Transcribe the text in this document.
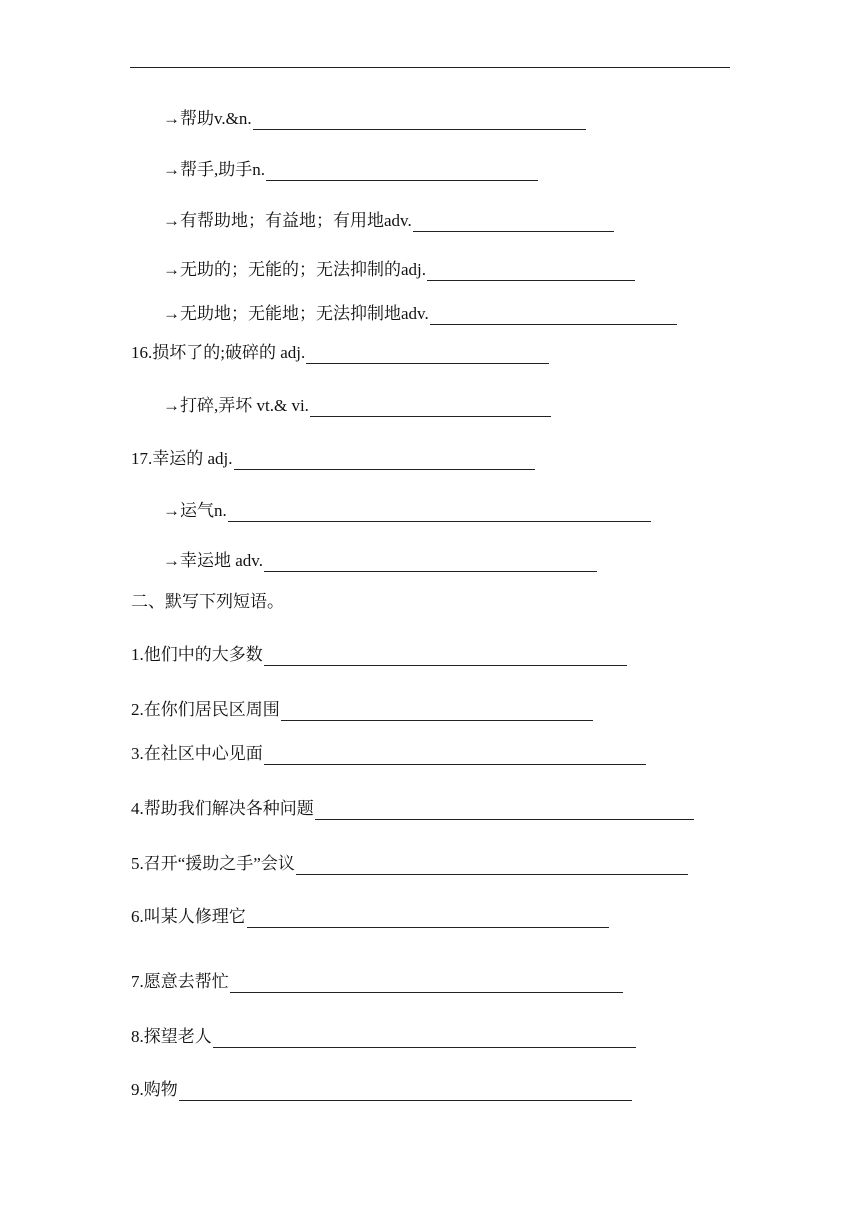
→帮助v.&n.
→帮手,助手n.
→有帮助地；有益地；有用地adv.
→无助的；无能的；无法抑制的adj.
→无助地；无能地；无法抑制地adv.
16.损坏了的;破碎的 adj.
→打碎,弄坏 vt.& vi.
17.幸运的 adj.
→运气n.
→幸运地 adv.
二、默写下列短语。
1.他们中的大多数
2.在你们居民区周围
3.在社区中心见面
4.帮助我们解决各种问题
5.召开“援助之手”会议
6.叫某人修理它
7.愿意去帮忙
8.探望老人
9.购物
